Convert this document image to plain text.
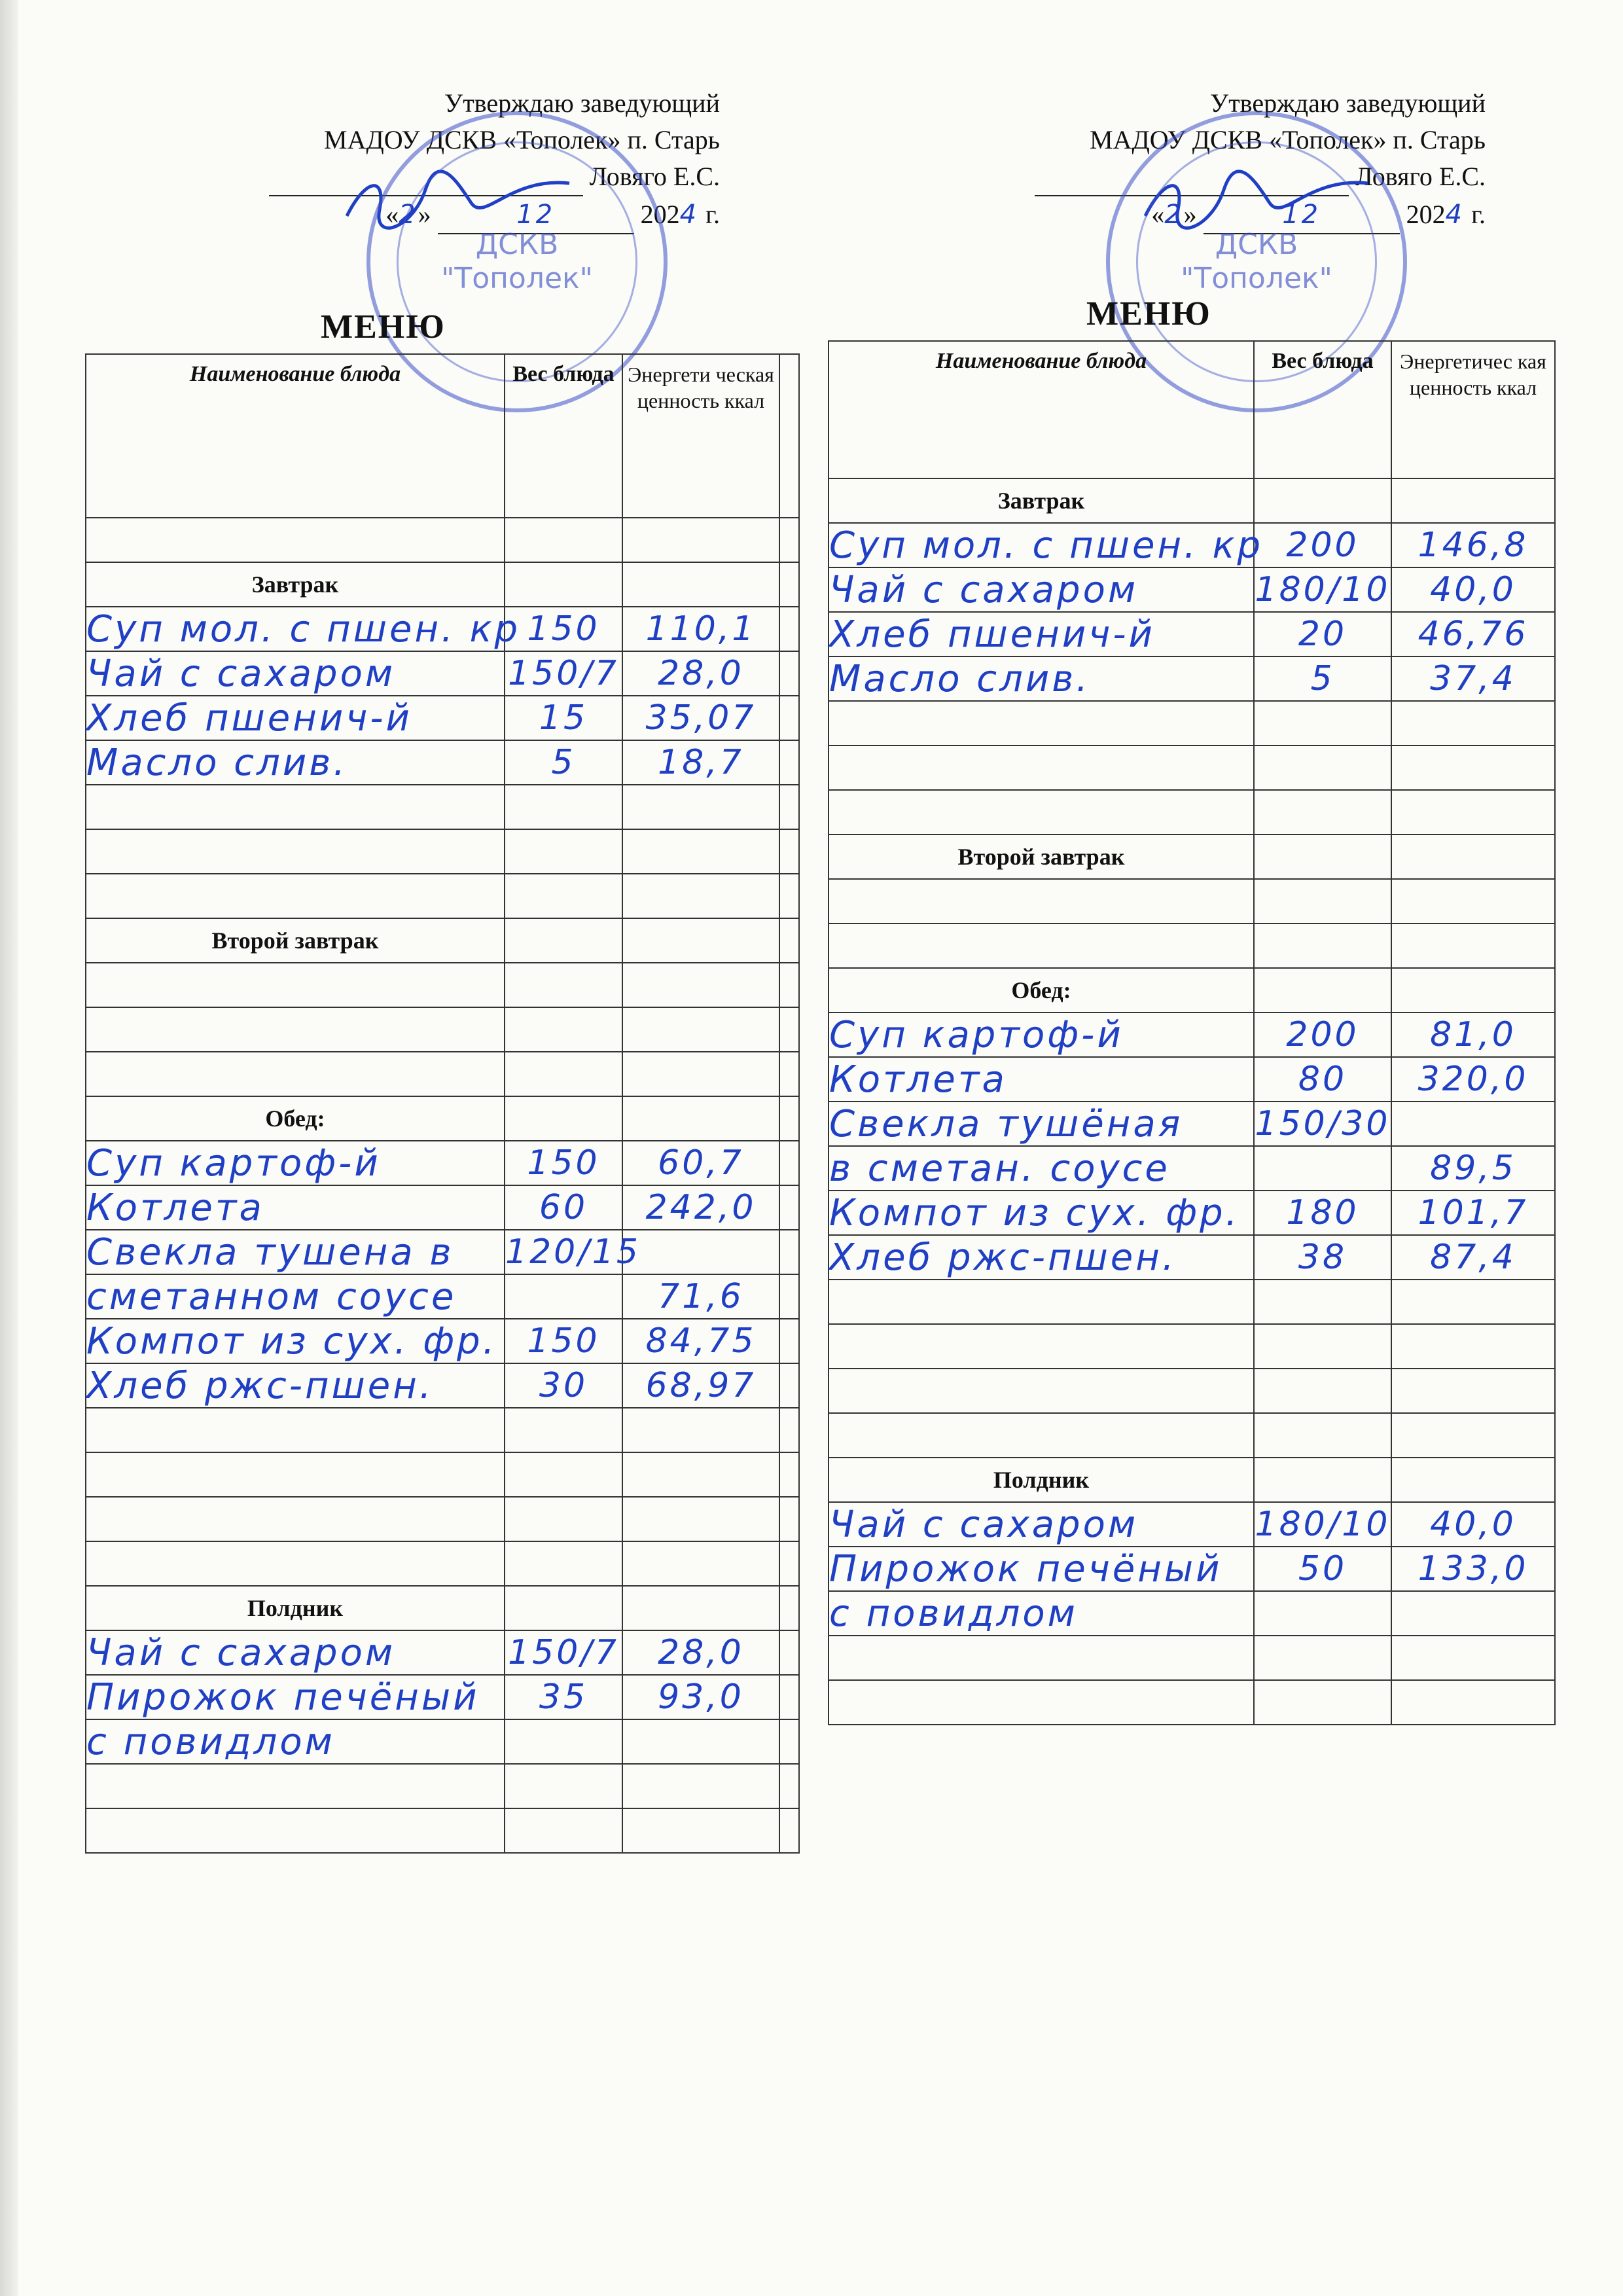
Утверждаю заведующий
МАДОУ ДСКВ «Тополек» п. Старь
Ловяго Е.С.
«2»	12	2024 г.
ДСКВ
"Тополек"
МЕНЮ
Наименование блюда	Вес блюда	Энергети ческая ценность ккал	

Завтрак			
Суп мол. с пшен. кр	150	110,1	
Чай с сахаром	150/7	28,0	
Хлеб пшенич-й	15	35,07	
Масло слив.	5	18,7	

Второй завтрак			

Обед:			
Суп картоф-й	150	60,7	
Котлета	60	242,0	
Свекла тушена в	120/15		
сметанном соусе		71,6	
Компот из сух. фр.	150	84,75	
Хлеб ржс-пшен.	30	68,97	

Полдник			
Чай с сахаром	150/7	28,0	
Пирожок печёный	35	93,0	
с повидлом			

Утверждаю заведующий
МАДОУ ДСКВ «Тополек» п. Старь
Ловяго Е.С.
«2»	12	2024 г.
ДСКВ
"Тополек"
МЕНЮ
Наименование блюда	Вес блюда	Энергетичес кая ценность ккал
Завтрак		
Суп мол. с пшен. кр	200	146,8
Чай с сахаром	180/10	40,0
Хлеб пшенич-й	20	46,76
Масло слив.	5	37,4

Второй завтрак		

Обед:		
Суп картоф-й	200	81,0
Котлета	80	320,0
Свекла тушёная	150/30	
в сметан. соусе		89,5
Компот из сух. фр.	180	101,7
Хлеб ржс-пшен.	38	87,4

Полдник		
Чай с сахаром	180/10	40,0
Пирожок печёный	50	133,0
с повидлом		
